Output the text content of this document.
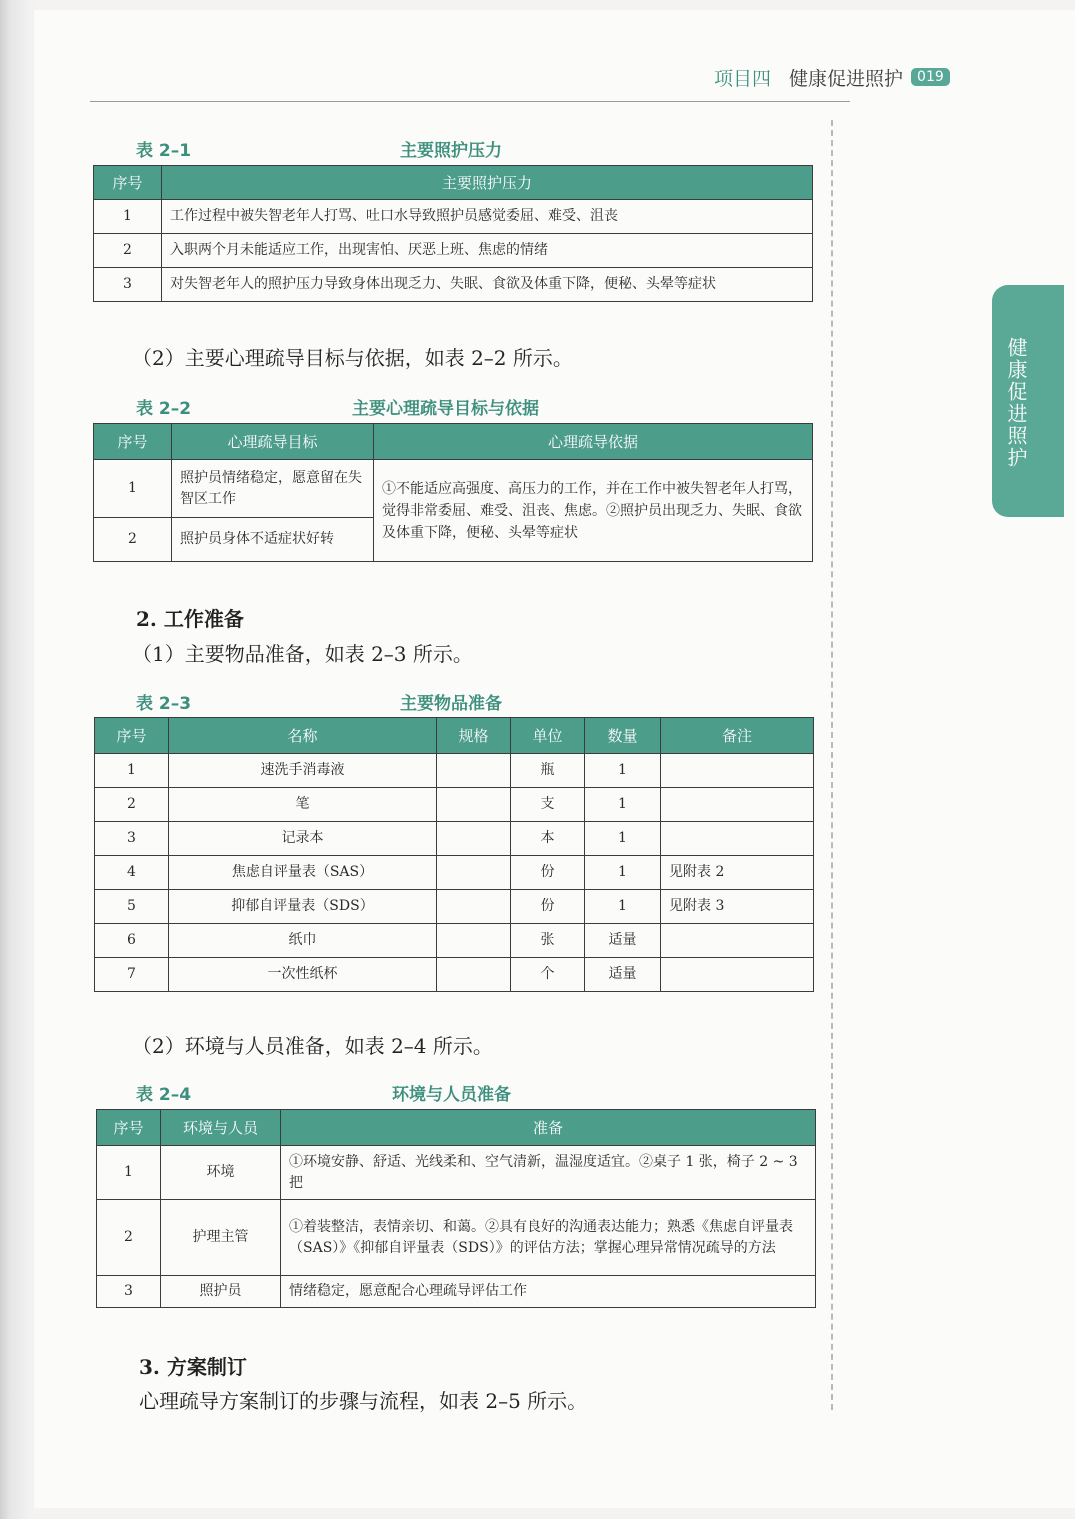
项目四 健康促进照护	019
健康促进照护
表 2–1	主要照护压力
序号	主要照护压力
1	工作过程中被失智老年人打骂、吐口水导致照护员感觉委屈、难受、沮丧
2	入职两个月未能适应工作，出现害怕、厌恶上班、焦虑的情绪
3	对失智老年人的照护压力导致身体出现乏力、失眠、食欲及体重下降，便秘、头晕等症状
（2）主要心理疏导目标与依据，如表 2–2 所示。
表 2–2	主要心理疏导目标与依据
序号	心理疏导目标	心理疏导依据
1	照护员情绪稳定，愿意留在失智区工作	①不能适应高强度、高压力的工作，并在工作中被失智老年人打骂，觉得非常委屈、难受、沮丧、焦虑。②照护员出现乏力、失眠、食欲及体重下降，便秘、头晕等症状
2	照护员身体不适症状好转	
2. 工作准备
（1）主要物品准备，如表 2–3 所示。
表 2–3	主要物品准备
序号	名称	规格	单位	数量	备注
1	速洗手消毒液		瓶	1	
2	笔		支	1	
3	记录本		本	1	
4	焦虑自评量表（SAS）		份	1	见附表 2
5	抑郁自评量表（SDS）		份	1	见附表 3
6	纸巾		张	适量	
7	一次性纸杯		个	适量	
（2）环境与人员准备，如表 2–4 所示。
表 2–4	环境与人员准备
序号	环境与人员	准备
1	环境	①环境安静、舒适、光线柔和、空气清新，温湿度适宜。②桌子 1 张，椅子 2 ~ 3 把
2	护理主管	①着装整洁，表情亲切、和蔼。②具有良好的沟通表达能力；熟悉《焦虑自评量表（SAS）》《抑郁自评量表（SDS）》的评估方法；掌握心理异常情况疏导的方法
3	照护员	情绪稳定，愿意配合心理疏导评估工作
3. 方案制订
心理疏导方案制订的步骤与流程，如表 2–5 所示。
